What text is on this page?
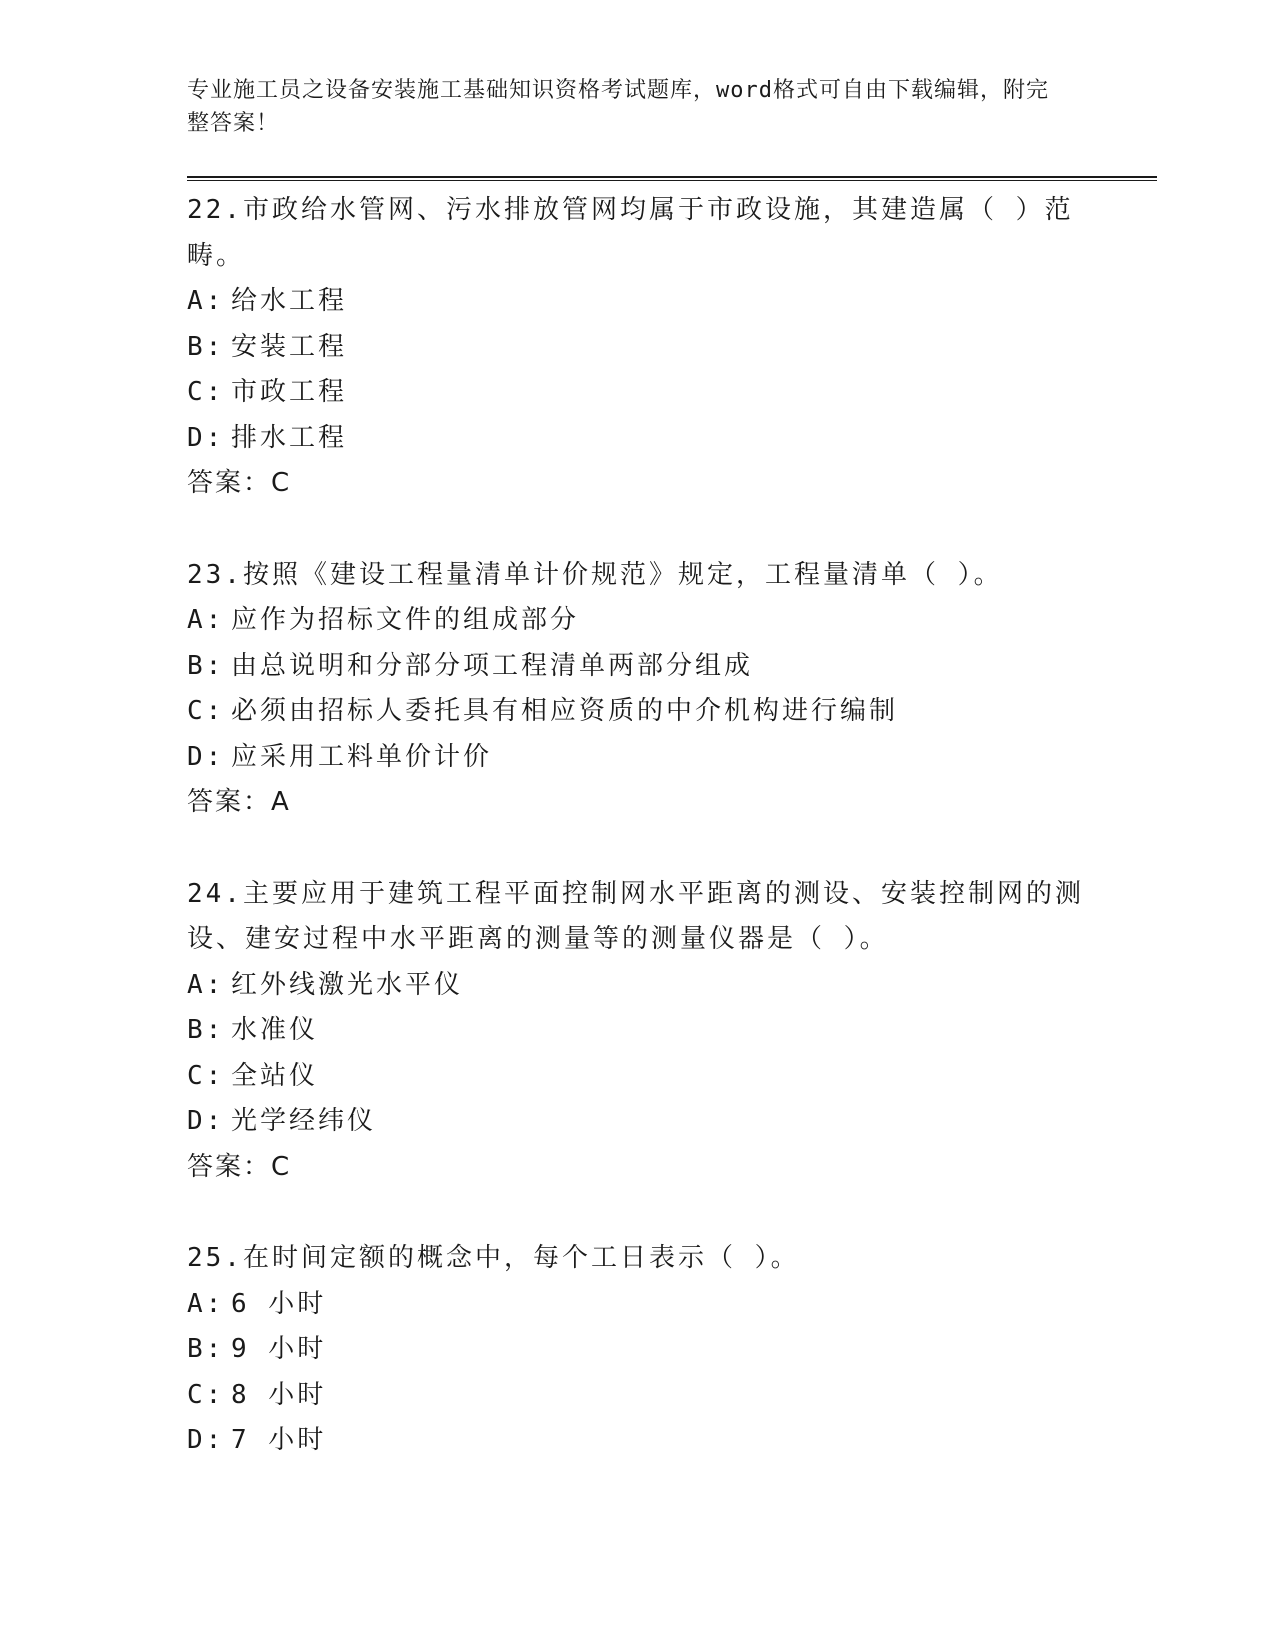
专业施工员之设备安装施工基础知识资格考试题库，word格式可自由下载编辑，附完整答案！
22.市政给水管网、污水排放管网均属于市政设施，其建造属（ ）范畴。
A: 给水工程
B: 安装工程
C: 市政工程
D: 排水工程
答案：C
23.按照《建设工程量清单计价规范》规定，工程量清单（ ）。
A: 应作为招标文件的组成部分
B: 由总说明和分部分项工程清单两部分组成
C: 必须由招标人委托具有相应资质的中介机构进行编制
D: 应采用工料单价计价
答案：A
24.主要应用于建筑工程平面控制网水平距离的测设、安装控制网的测设、建安过程中水平距离的测量等的测量仪器是（ ）。
A: 红外线激光水平仪
B: 水准仪
C: 全站仪
D: 光学经纬仪
答案：C
25.在时间定额的概念中，每个工日表示（ ）。
A: 6 小时
B: 9 小时
C: 8 小时
D: 7 小时
